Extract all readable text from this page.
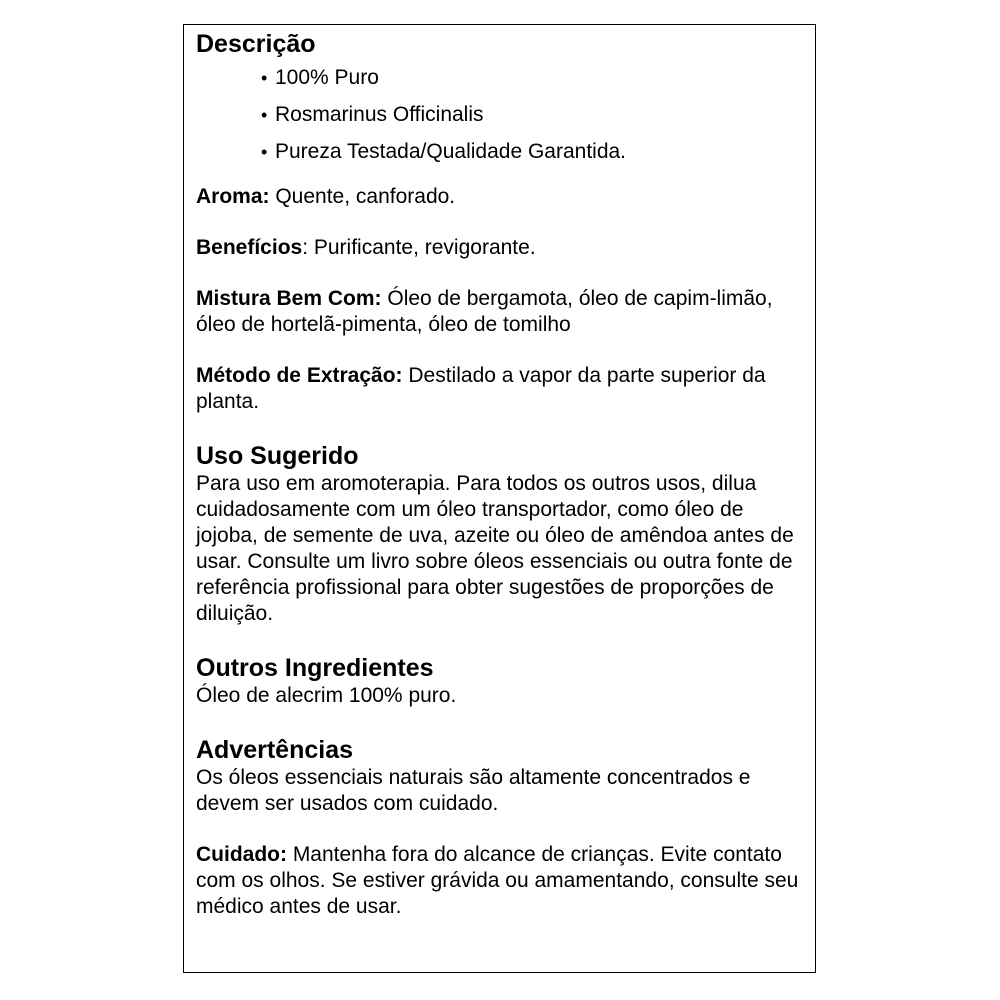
Descrição
• 100% Puro
• Rosmarinus Officinalis
• Pureza Testada/Qualidade Garantida.

Aroma: Quente, canforado.

Benefícios: Purificante, revigorante.

Mistura Bem Com: Óleo de bergamota, óleo de capim-limão, óleo de hortelã-pimenta, óleo de tomilho

Método de Extração: Destilado a vapor da parte superior da planta.

Uso Sugerido

Para uso em aromoterapia. Para todos os outros usos, dilua cuidadosamente com um óleo transportador, como óleo de jojoba, de semente de uva, azeite ou óleo de amêndoa antes de usar. Consulte um livro sobre óleos essenciais ou outra fonte de referência profissional para obter sugestões de proporções de diluição.

Outros Ingredientes

Óleo de alecrim 100% puro.

Advertências

Os óleos essenciais naturais são altamente concentrados e devem ser usados com cuidado.

Cuidado: Mantenha fora do alcance de crianças. Evite contato com os olhos. Se estiver grávida ou amamentando, consulte seu médico antes de usar.
